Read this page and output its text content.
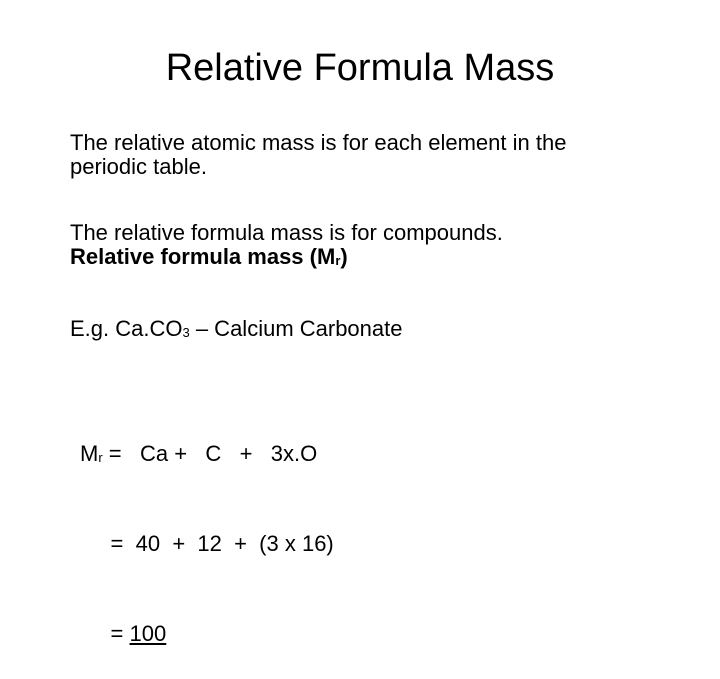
Relative Formula Mass
The relative atomic mass is for each element in the
periodic table.
The relative formula mass is for compounds.
Relative formula mass (Mr)
E.g. Ca.CO3 – Calcium Carbonate

Mr =   Ca +   C   +   3x.O

=  40  +  12  +  (3 x 16)

= 100
